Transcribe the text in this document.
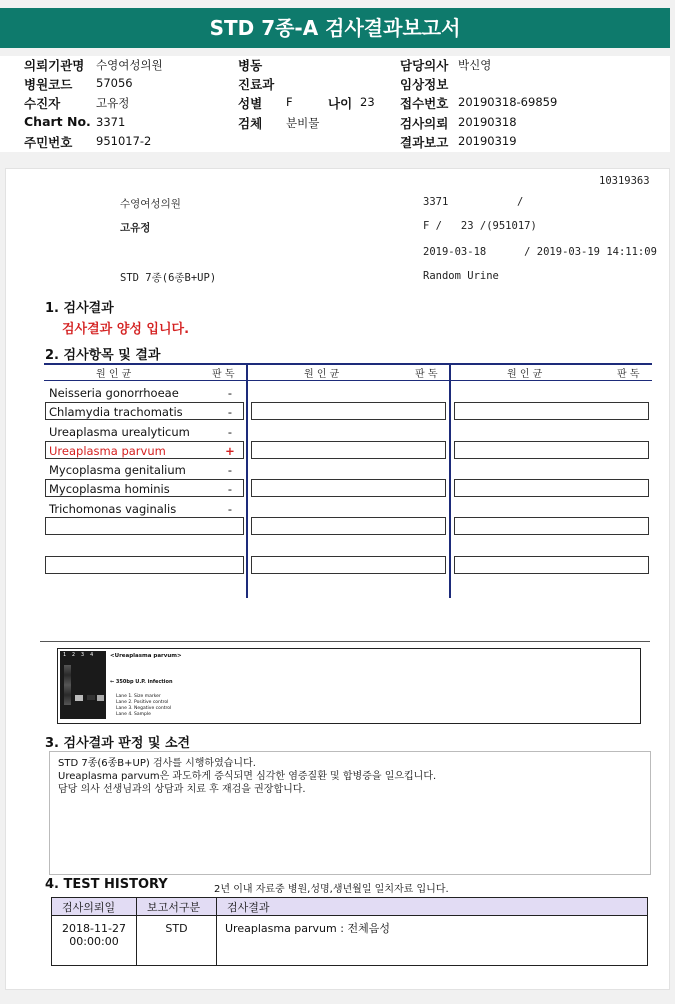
STD 7종-A 검사결과보고서
의뢰기관명 수영여성의원
병원코드 57056
수진자	고유정
Chart No. 3371
주민번호 951017-2
병동
진료과
성별 F	나이 23
검체 분비물
담당의사 박신영
임상정보
접수번호 20190318-69859
검사의뢰 20190318
결과보고 20190319
10319363
수영여성의원	3371	/
고유정	F /   23 /(951017)
2019-03-18      / 2019-03-19 14:11:09
STD 7종(6종B+UP)	Random Urine
1. 검사결과
검사결과 양성 입니다.
2. 검사항목 및 결과
원 인 균	판 독	원 인 균	판 독	원 인 균	판 독
Neisseria gonorrhoeae	-
Chlamydia trachomatis	-
Ureaplasma urealyticum	-
Ureaplasma parvum	+
Mycoplasma genitalium	-
Mycoplasma hominis	-
Trichomonas vaginalis	-
1  2  3  4	<Ureaplasma parvum>
← 350bp U.P. infection
Lane 1. Size marker
Lane 2. Positive control
Lane 3. Negative control
Lane 4. Sample
3. 검사결과 판정 및 소견
STD 7종(6종B+UP) 검사를 시행하였습니다.
Ureaplasma parvum은 과도하게 증식되면 심각한 염증질환 및 합병증을 일으킵니다.
담당 의사 선생님과의 상담과 치료 후 재검을 권장합니다.
4. TEST HISTORY	2년 이내 자료중 병원,성명,생년월일 일치자료 입니다.
검사의뢰일	보고서구분	검사결과

2018-11-27
00:00:00	STD	Ureaplasma parvum : 전체음성
